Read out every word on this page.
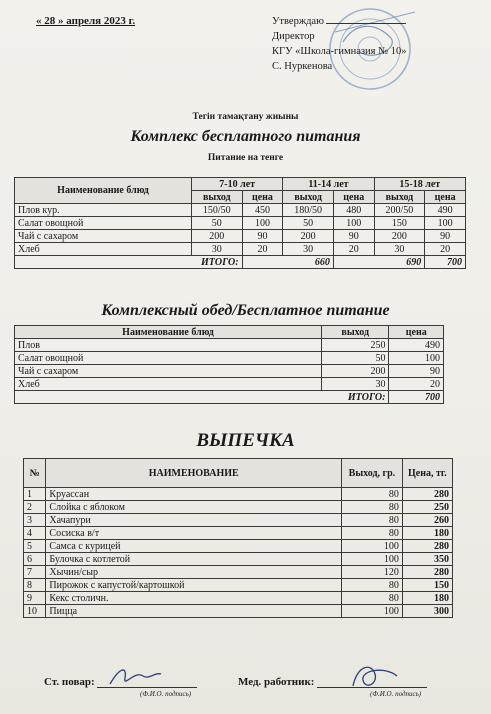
« 28 » апреля 2023 г.	Утверждаю
Директор
КГУ «Школа-гимназия № 10»
С. Нуркенова
Тегін тамақтану жиыны
Комплекс бесплатного питания
Питание на тенге
Наименование блюд	7-10 лет		11-14 лет		15-18 лет	
	выход	цена	выход	цена	выход	цена
Плов кур.	150/50	450	180/50	480	200/50	490
Салат овощной	50	100	50	100	150	100
Чай с сахаром	200	90	200	90	200	90
Хлеб	30	20	30	20	30	20
ИТОГО:		660		690		700
Комплексный обед/Бесплатное питание
Наименование блюд	выход	цена
Плов	250	490
Салат овощной	50	100
Чай с сахаром	200	90
Хлеб	30	20
ИТОГО:		700
ВЫПЕЧКА
№	НАИМЕНОВАНИЕ	Выход, гр.	Цена, тг.
1	Круассан	80	280
2	Слойка с яблоком	80	250
3	Хачапури	80	260
4	Сосиска в/т	80	180
5	Самса с курицей	100	280
6	Булочка с котлетой	100	350
7	Хычин/сыр	120	280
8	Пирожок с капустой/картошкой	80	150
9	Кекс столичн.	80	180
10	Пицца	100	300
Ст. повар:
(Ф.И.О. подпись)
Мед. работник:
(Ф.И.О. подпись)
